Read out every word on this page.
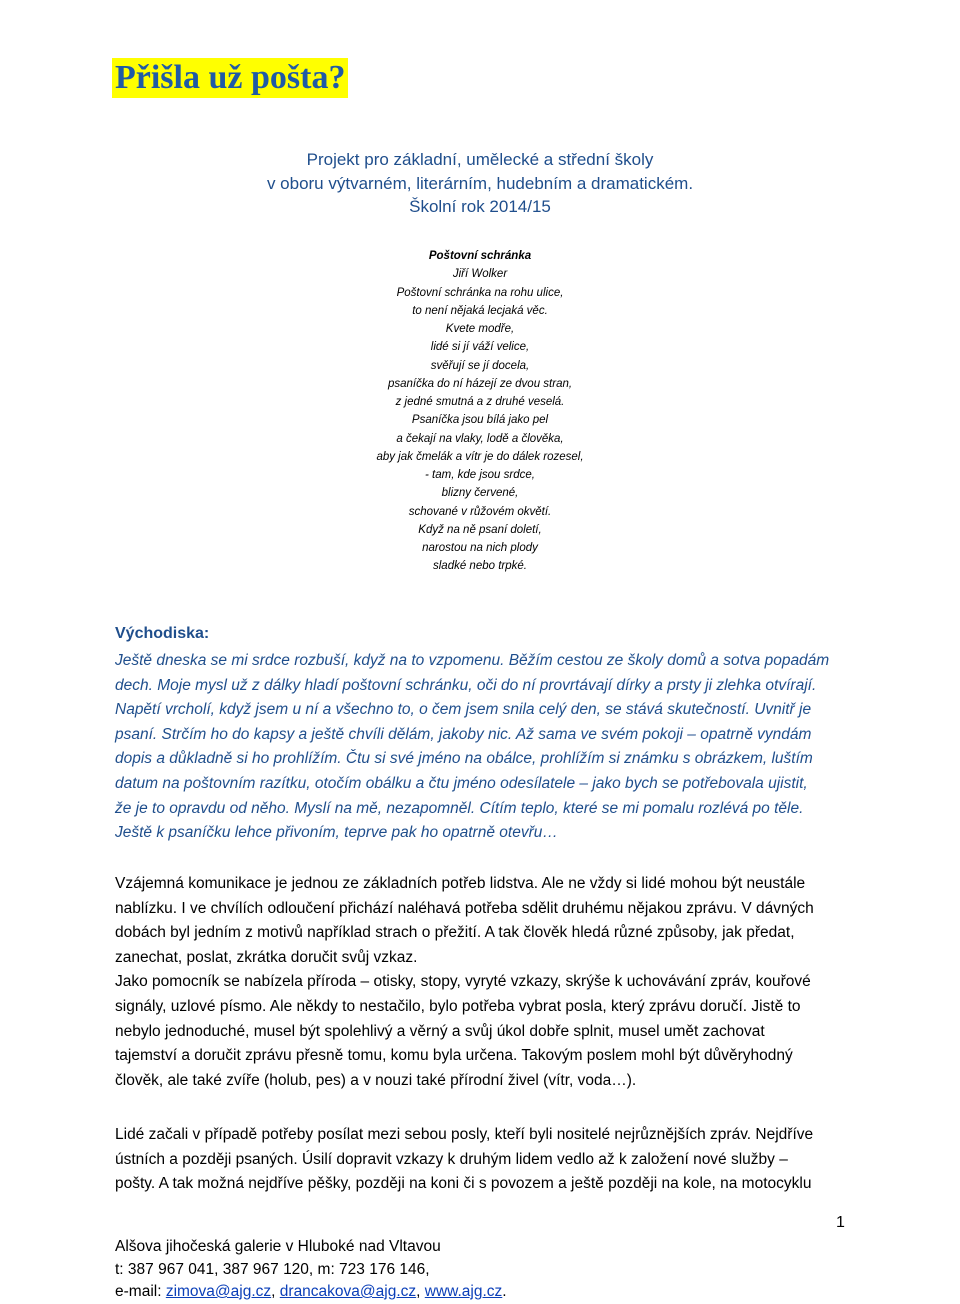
Přišla už pošta?
Projekt pro základní, umělecké a střední školy
v oboru výtvarném, literárním, hudebním a dramatickém.
Školní rok 2014/15
Poštovní schránka
Jiří Wolker
Poštovní schránka na rohu ulice,
to není nějaká lecjaká věc.
Kvete modře,
lidé si jí váží velice,
svěřují se jí docela,
psaníčka do ní házejí ze dvou stran,
z jedné smutná a z druhé veselá.
Psaníčka jsou bílá jako pel
a čekají na vlaky, lodě a člověka,
aby jak čmelák a vítr je do dálek rozesel,
- tam, kde jsou srdce,
blizny červené,
schované v růžovém okvětí.
Když na ně psaní doletí,
narostou na nich plody
sladké nebo trpké.
Východiska:
Ještě dneska se mi srdce rozbuší, když na to vzpomenu. Běžím cestou ze školy domů a sotva popadám
dech. Moje mysl už z dálky hladí poštovní schránku, oči do ní provrtávají dírky a prsty ji zlehka otvírají.
Napětí vrcholí, když jsem u ní a všechno to, o čem jsem snila celý den, se stává skutečností. Uvnitř je
psaní. Strčím ho do kapsy a ještě chvíli dělám, jakoby nic. Až sama ve svém pokoji – opatrně vyndám
dopis a důkladně si ho prohlížím. Čtu si své jméno na obálce, prohlížím si známku s obrázkem, luštím
datum na poštovním razítku, otočím obálku a čtu jméno odesílatele – jako bych se potřebovala ujistit,
že je to opravdu od něho. Myslí na mě, nezapomněl. Cítím teplo, které se mi pomalu rozlévá po těle.
Ještě k psaníčku lehce přivoním, teprve pak ho opatrně otevřu…
Vzájemná komunikace je jednou ze základních potřeb lidstva. Ale ne vždy si lidé mohou být neustále
nablízku. I ve chvílích odloučení přichází naléhavá potřeba sdělit druhému nějakou zprávu. V dávných
dobách byl jedním z motivů například strach o přežití. A tak člověk hledá různé způsoby, jak předat,
zanechat, poslat, zkrátka doručit svůj vzkaz.
Jako pomocník se nabízela příroda – otisky, stopy, vyryté vzkazy, skrýše k uchovávání zpráv, kouřové
signály, uzlové písmo. Ale někdy to nestačilo, bylo potřeba vybrat posla, který zprávu doručí. Jistě to
nebylo jednoduché, musel být spolehlivý a věrný a svůj úkol dobře splnit, musel umět zachovat
tajemství a doručit zprávu přesně tomu, komu byla určena. Takovým poslem mohl být důvěryhodný
člověk, ale také zvíře (holub, pes) a v nouzi také přírodní živel (vítr, voda…).
Lidé začali v případě potřeby posílat mezi sebou posly, kteří byli nositelé nejrůznějších zpráv. Nejdříve
ústních a později psaných. Úsilí dopravit vzkazy k druhým lidem vedlo až k založení nové služby –
pošty. A tak možná nejdříve pěšky, později na koni či s povozem a ještě později na kole, na motocyklu
1
Alšova jihočeská galerie v Hluboké nad Vltavou
t: 387 967 041, 387 967 120, m: 723 176 146,
e-mail: zimova@ajg.cz, drancakova@ajg.cz, www.ajg.cz.
